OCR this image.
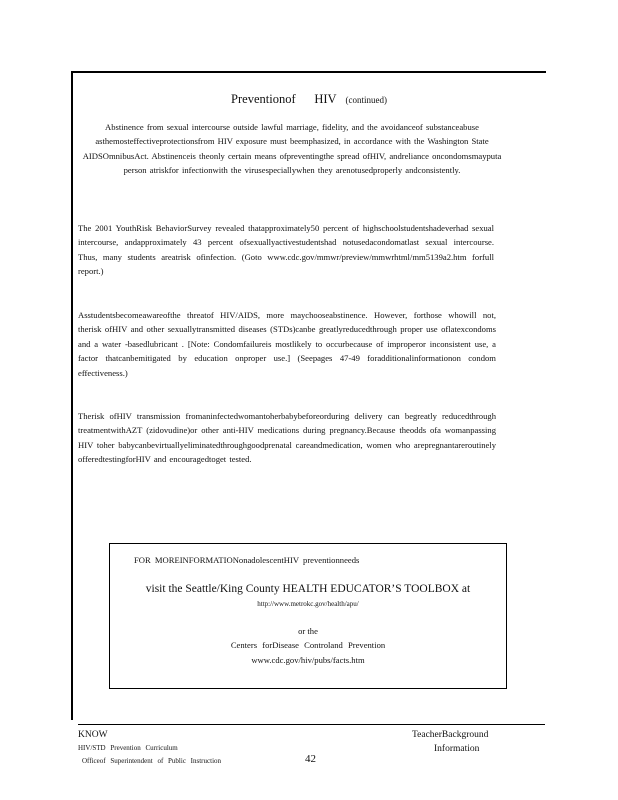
Preventionof      HIV (continued)

Abstinence from sexual intercourse outside lawful marriage, fidelity, and the avoidanceof substanceabuse asthemosteffectiveprotectionsfrom HIV exposure must beemphasized, in accordance with the Washington State AIDSOmnibusAct. Abstinenceis theonly certain means ofpreventingthe spread ofHIV, andreliance oncondomsmayputa person atriskfor infectionwith the virusespeciallywhen they arenotusedproperly andconsistently.

The 2001 YouthRisk BehaviorSurvey revealed thatapproximately50 percent of highschoolstudentshadeverhad sexual intercourse, andapproximately 43 percent ofsexuallyactivestudentshad notusedacondomatlast sexual intercourse. Thus, many students areatrisk ofinfection. (Goto www.cdc.gov/mmwr/preview/mmwrhtml/mm5139a2.htm forfull report.)

Asstudentsbecomeawareofthe threatof HIV/AIDS, more maychooseabstinence. However, forthose whowill not, therisk ofHIV and other sexuallytransmitted diseases (STDs)canbe greatlyreducedthrough proper use oflatexcondoms and a water -basedlubricant . [Note: Condomfailureis mostlikely to occurbecause of improperor inconsistent use, a factor thatcanbemitigated by education onproper use.] (Seepages 47-49 foradditionalinformationon condom effectiveness.)

Therisk ofHIV transmission fromaninfectedwomantoherbabybeforeorduring delivery can begreatly reducedthrough treatmentwithAZT (zidovudine)or other anti-HIV medications during pregnancy.Because theodds ofa womanpassing HIV toher babycanbevirtuallyeliminatedthroughgoodprenatal careandmedication, women who arepregnantareroutinely offeredtestingforHIV and encouragedtoget tested.

FOR MOREINFORMATIONonadolescentHIV preventionneeds

visit the Seattle/King County HEALTH EDUCATOR’S TOOLBOX at

http://www.metrokc.gov/health/apu/

or the

Centers forDisease Controland Prevention

www.cdc.gov/hiv/pubs/facts.htm

KNOW

HIV/STD Prevention Curriculum

Officeof Superintendent of Public Instruction	42

TeacherBackground

Information
